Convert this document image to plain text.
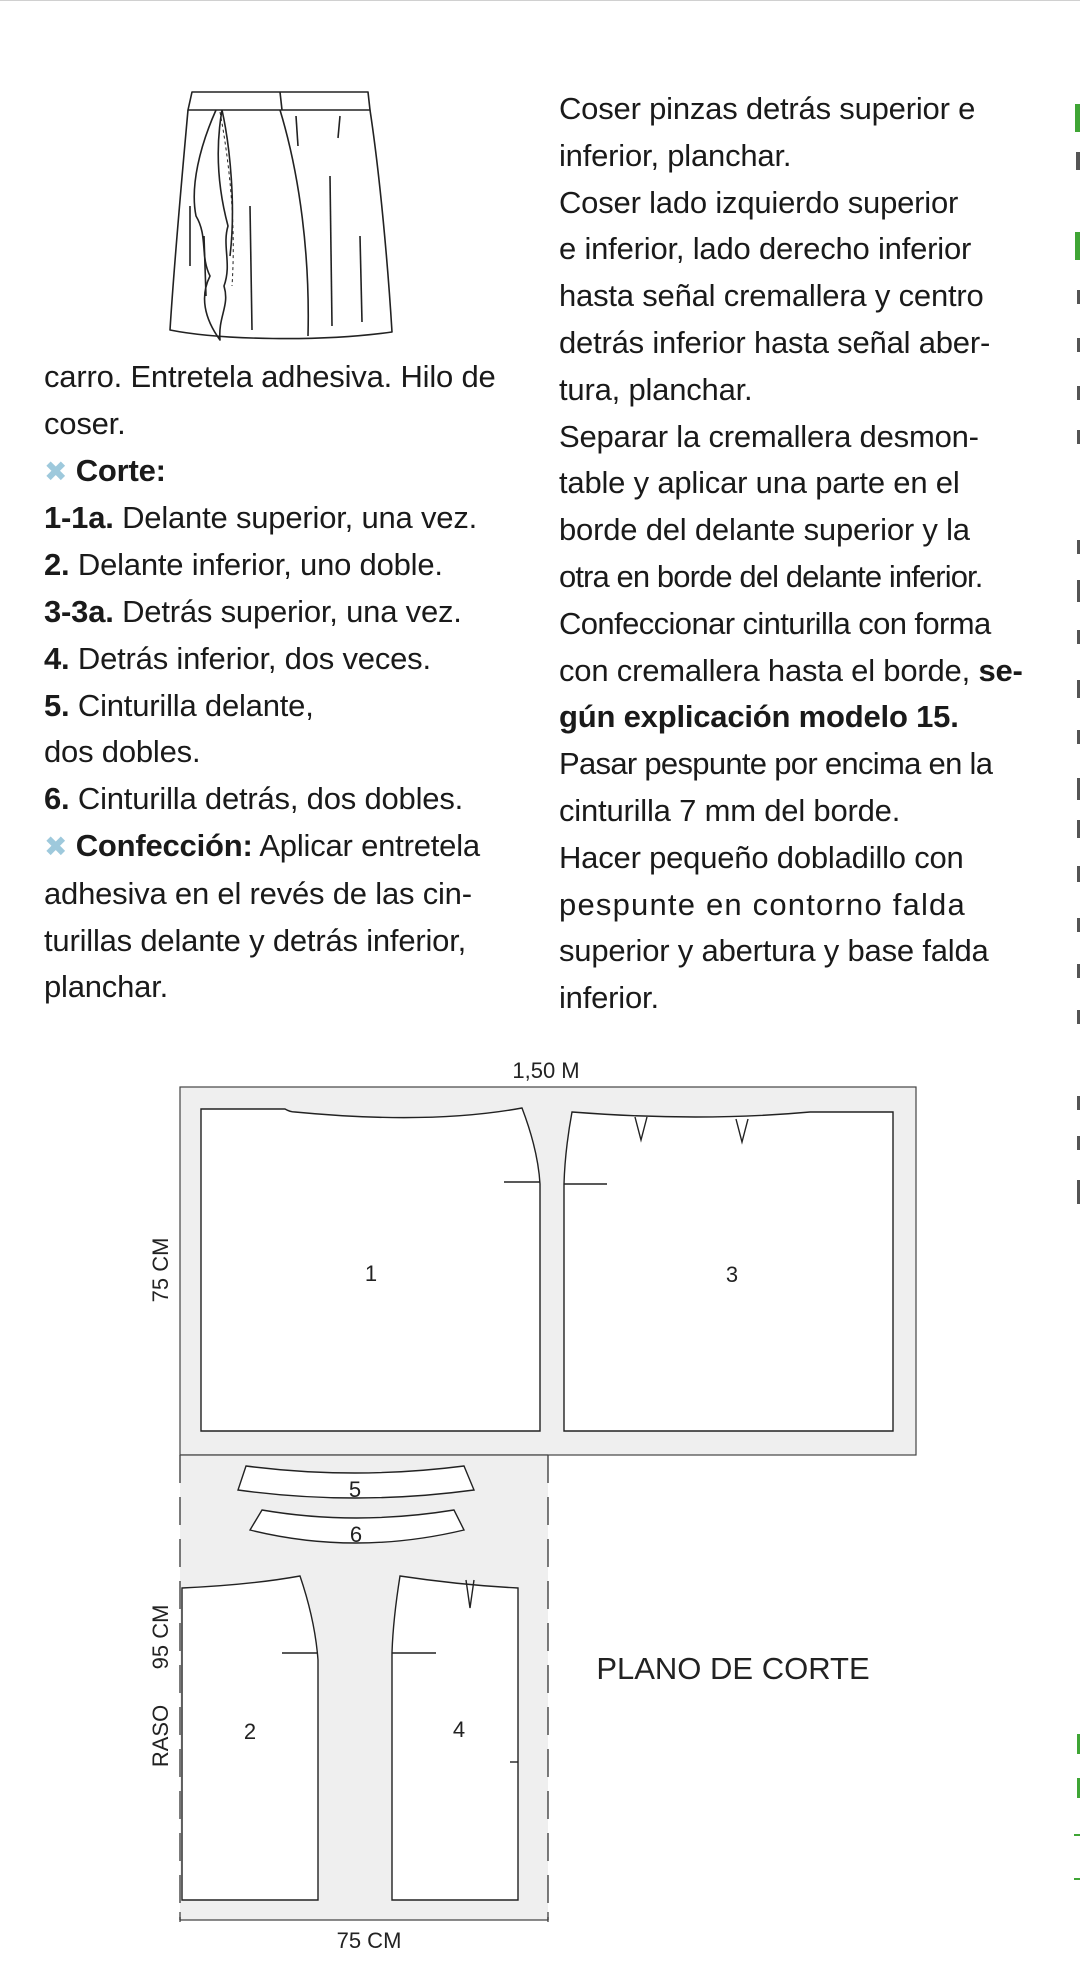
carro. Entretela adhesiva. Hilo de coser.

✖ Corte:

1-1a. Delante superior, una vez.

2. Delante inferior, uno doble.

3-3a. Detrás superior, una vez.

4. Detrás inferior, dos veces.

5. Cinturilla delante,

dos dobles.

6. Cinturilla detrás, dos dobles.

✖ Confección: Aplicar entretela

adhesiva en el revés de las cin-

turillas delante y detrás inferior,

planchar.

Coser pinzas detrás superior e

inferior, planchar.

Coser lado izquierdo superior

e inferior, lado derecho inferior

hasta señal cremallera y centro

detrás inferior hasta señal aber-

tura, planchar.

Separar la cremallera desmon-

table y aplicar una parte en el

borde del delante superior y la

otra en borde del delante inferior.

Confeccionar cinturilla con forma

con cremallera hasta el borde, se-

gún explicación modelo 15.

Pasar pespunte por encima en la

cinturilla 7 mm del borde.

Hacer pequeño dobladillo con

pespunte en contorno falda

superior y abertura y base falda

inferior.

1	3
5
6
2	4
1,50 M
75 CM
95 CM
RASO
75 CM
PLANO DE CORTE
